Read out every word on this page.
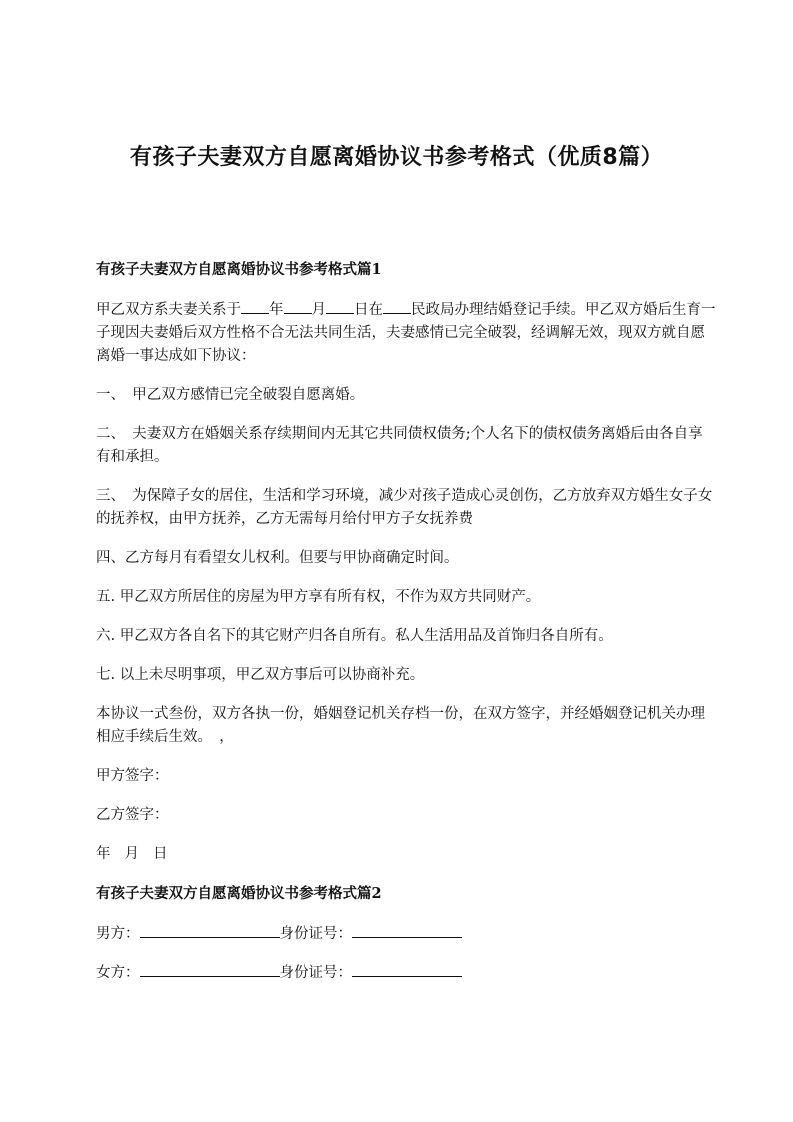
有孩子夫妻双方自愿离婚协议书参考格式（优质8篇）
有孩子夫妻双方自愿离婚协议书参考格式篇1

甲乙双方系夫妻关系于 年 月 日在 民政局办理结婚登记手续。甲乙双方婚后生育一子现因夫妻婚后双方性格不合无法共同生活，夫妻感情已完全破裂，经调解无效，现双方就自愿离婚一事达成如下协议：

一、　甲乙双方感情已完全破裂自愿离婚。

二、　夫妻双方在婚姻关系存续期间内无其它共同债权债务;个人名下的债权债务离婚后由各自享有和承担。

三、　为保障子女的居住，生活和学习环境，减少对孩子造成心灵创伤，乙方放弃双方婚生女子女的抚养权，由甲方抚养，乙方无需每月给付甲方子女抚养费

四、乙方每月有看望女儿权利。但要与甲协商确定时间。

五. 甲乙双方所居住的房屋为甲方享有所有权，不作为双方共同财产。

六. 甲乙双方各自名下的其它财产归各自所有。私人生活用品及首饰归各自所有。

七. 以上未尽明事项，甲乙双方事后可以协商补充。

本协议一式叁份，双方各执一份，婚姻登记机关存档一份，在双方签字，并经婚姻登记机关办理相应手续后生效。　，

甲方签字：

乙方签字：

年 月 日

有孩子夫妻双方自愿离婚协议书参考格式篇2

男方：	身份证号：

女方：	身份证号：
